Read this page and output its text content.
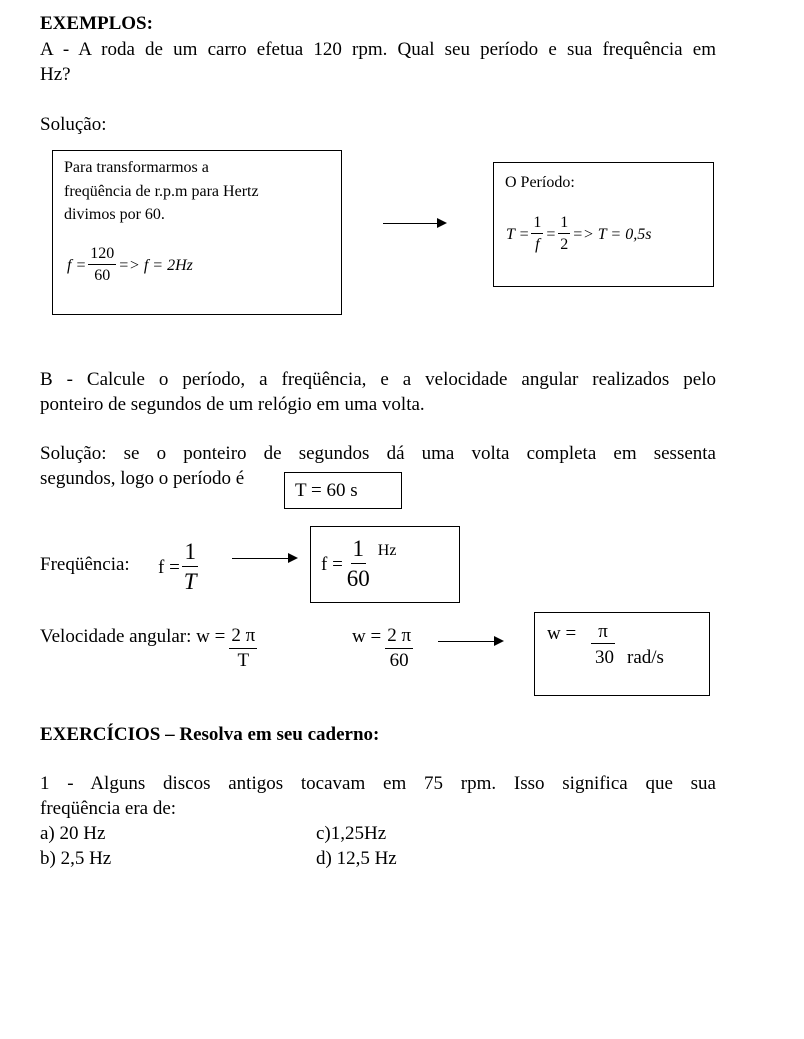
EXEMPLOS:
A - A roda de um carro efetua 120 rpm. Qual seu período e sua frequência em
Hz?
Solução:
Para transformarmos a
freqüência de r.p.m para Hertz
divimos por 60.
$f = \frac{120}{60} => f = 2Hz$
O Período:
$T = \frac{1}{f} = \frac{1}{2} => T = 0,5s$
B - Calcule o período, a freqüência, e a velocidade angular realizados pelo
ponteiro de segundos de um relógio em uma volta.
Solução: se o ponteiro de segundos dá uma volta completa em sessenta
segundos, logo o período é
T = 60 s
Freqüência: $f = \frac{1}{T}$	$f = \frac{1}{60}$ Hz
Velocidade angular: $w = \frac{2 \pi}{T}$	$w = \frac{2 \pi}{60}$	w =	π
30 rad/s
EXERCÍCIOS – Resolva em seu caderno:
1 - Alguns discos antigos tocavam em 75 rpm. Isso significa que sua
freqüência era de:
a) 20 Hz	c)1,25Hz
b) 2,5 Hz	d) 12,5 Hz
